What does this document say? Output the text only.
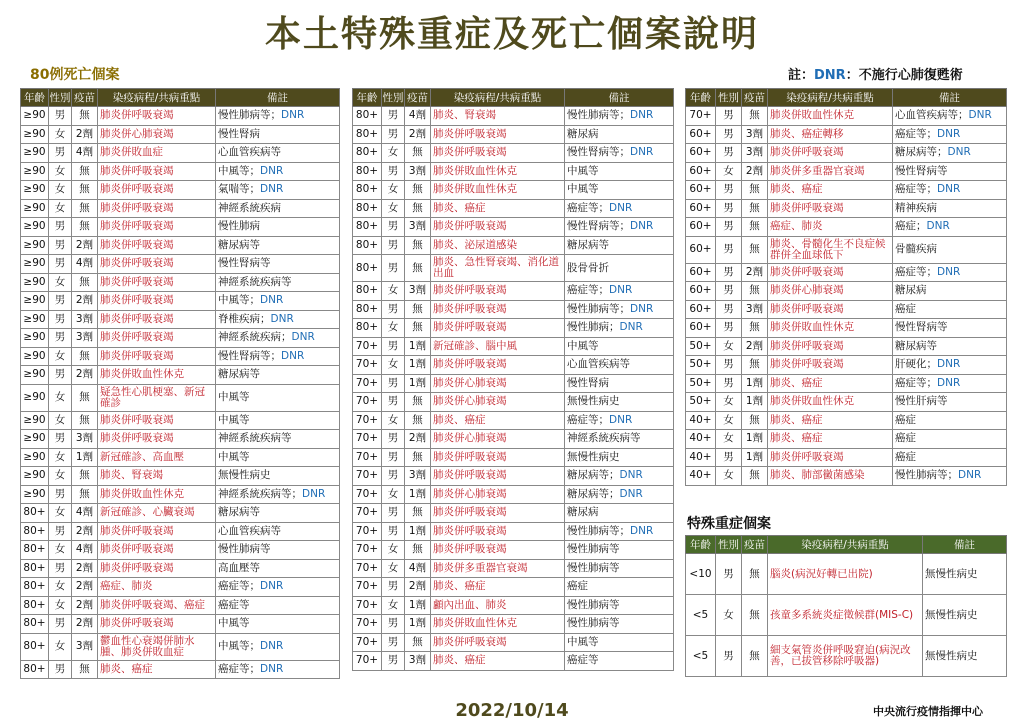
本土特殊重症及死亡個案說明
80例死亡個案	註：DNR：不施行心肺復甦術
年齡	性別	疫苗	染疫病程/共病重點	備註
≥90	男	無	肺炎併呼吸衰竭	慢性肺病等；DNR
≥90	女	2劑	肺炎併心肺衰竭	慢性腎病
≥90	男	4劑	肺炎併敗血症	心血管疾病等
≥90	女	無	肺炎併呼吸衰竭	中風等；DNR
≥90	女	無	肺炎併呼吸衰竭	氣喘等；DNR
≥90	女	無	肺炎併呼吸衰竭	神經系統疾病
≥90	男	無	肺炎併呼吸衰竭	慢性肺病
≥90	男	2劑	肺炎併呼吸衰竭	糖尿病等
≥90	男	4劑	肺炎併呼吸衰竭	慢性腎病等
≥90	女	無	肺炎併呼吸衰竭	神經系統疾病等
≥90	男	2劑	肺炎併呼吸衰竭	中風等；DNR
≥90	男	3劑	肺炎併呼吸衰竭	脊椎疾病；DNR
≥90	男	3劑	肺炎併呼吸衰竭	神經系統疾病；DNR
≥90	女	無	肺炎併呼吸衰竭	慢性腎病等；DNR
≥90	男	2劑	肺炎併敗血性休克	糖尿病等
≥90	女	無	疑急性心肌梗塞、新冠確診	中風等
≥90	女	無	肺炎併呼吸衰竭	中風等
≥90	男	3劑	肺炎併呼吸衰竭	神經系統疾病等
≥90	女	1劑	新冠確診、高血壓	中風等
≥90	女	無	肺炎、腎衰竭	無慢性病史
≥90	男	無	肺炎併敗血性休克	神經系統疾病等；DNR
80+	女	4劑	新冠確診、心臟衰竭	糖尿病等
80+	男	2劑	肺炎併呼吸衰竭	心血管疾病等
80+	女	4劑	肺炎併呼吸衰竭	慢性肺病等
80+	男	2劑	肺炎併呼吸衰竭	高血壓等
80+	女	2劑	癌症、肺炎	癌症等；DNR
80+	女	2劑	肺炎併呼吸衰竭、癌症	癌症等
80+	男	2劑	肺炎併呼吸衰竭	中風等
80+	女	3劑	鬱血性心衰竭併肺水腫、肺炎併敗血症	中風等；DNR
80+	男	無	肺炎、癌症	癌症等；DNR
年齡	性別	疫苗	染疫病程/共病重點	備註
80+	男	4劑	肺炎、腎衰竭	慢性肺病等；DNR
80+	男	2劑	肺炎併呼吸衰竭	糖尿病
80+	女	無	肺炎併呼吸衰竭	慢性腎病等；DNR
80+	男	3劑	肺炎併敗血性休克	中風等
80+	女	無	肺炎併敗血性休克	中風等
80+	女	無	肺炎、癌症	癌症等；DNR
80+	男	3劑	肺炎併呼吸衰竭	慢性腎病等；DNR
80+	男	無	肺炎、泌尿道感染	糖尿病等
80+	男	無	肺炎、急性腎衰竭、消化道出血	股骨骨折
80+	女	3劑	肺炎併呼吸衰竭	癌症等；DNR
80+	男	無	肺炎併呼吸衰竭	慢性肺病等；DNR
80+	女	無	肺炎併呼吸衰竭	慢性肺病；DNR
70+	男	1劑	新冠確診、腦中風	中風等
70+	女	1劑	肺炎併呼吸衰竭	心血管疾病等
70+	男	1劑	肺炎併心肺衰竭	慢性腎病
70+	男	無	肺炎併心肺衰竭	無慢性病史
70+	女	無	肺炎、癌症	癌症等；DNR
70+	男	2劑	肺炎併心肺衰竭	神經系統疾病等
70+	男	無	肺炎併呼吸衰竭	無慢性病史
70+	男	3劑	肺炎併呼吸衰竭	糖尿病等；DNR
70+	女	1劑	肺炎併心肺衰竭	糖尿病等；DNR
70+	男	無	肺炎併呼吸衰竭	糖尿病
70+	男	1劑	肺炎併呼吸衰竭	慢性肺病等；DNR
70+	女	無	肺炎併呼吸衰竭	慢性肺病等
70+	女	4劑	肺炎併多重器官衰竭	慢性肺病等
70+	男	2劑	肺炎、癌症	癌症
70+	女	1劑	顱內出血、肺炎	慢性肺病等
70+	男	1劑	肺炎併敗血性休克	慢性肺病等
70+	男	無	肺炎併呼吸衰竭	中風等
70+	男	3劑	肺炎、癌症	癌症等
年齡	性別	疫苗	染疫病程/共病重點	備註
70+	男	無	肺炎併敗血性休克	心血管疾病等；DNR
60+	男	3劑	肺炎、癌症轉移	癌症等；DNR
60+	男	3劑	肺炎併呼吸衰竭	糖尿病等；DNR
60+	女	2劑	肺炎併多重器官衰竭	慢性腎病等
60+	男	無	肺炎、癌症	癌症等；DNR
60+	男	無	肺炎併呼吸衰竭	精神疾病
60+	男	無	癌症、肺炎	癌症；DNR
60+	男	無	肺炎、骨髓化生不良症候群併全血球低下	骨髓疾病
60+	男	2劑	肺炎併呼吸衰竭	癌症等；DNR
60+	男	無	肺炎併心肺衰竭	糖尿病
60+	男	3劑	肺炎併呼吸衰竭	癌症
60+	男	無	肺炎併敗血性休克	慢性腎病等
50+	女	2劑	肺炎併呼吸衰竭	糖尿病等
50+	男	無	肺炎併呼吸衰竭	肝硬化；DNR
50+	男	1劑	肺炎、癌症	癌症等；DNR
50+	女	1劑	肺炎併敗血性休克	慢性肝病等
40+	女	無	肺炎、癌症	癌症
40+	女	1劑	肺炎、癌症	癌症
40+	男	1劑	肺炎併呼吸衰竭	癌症
40+	女	無	肺炎、肺部黴菌感染	慢性肺病等；DNR
特殊重症個案
年齡	性別	疫苗	染疫病程/共病重點	備註
<10	男	無	腦炎(病況好轉已出院)	無慢性病史
<5	女	無	孩童多系統炎症徵候群(MIS-C)	無慢性病史
<5	男	無	細支氣管炎併呼吸窘迫(病況改善，已拔管移除呼吸器)	無慢性病史
2022/10/14	中央流行疫情指揮中心
